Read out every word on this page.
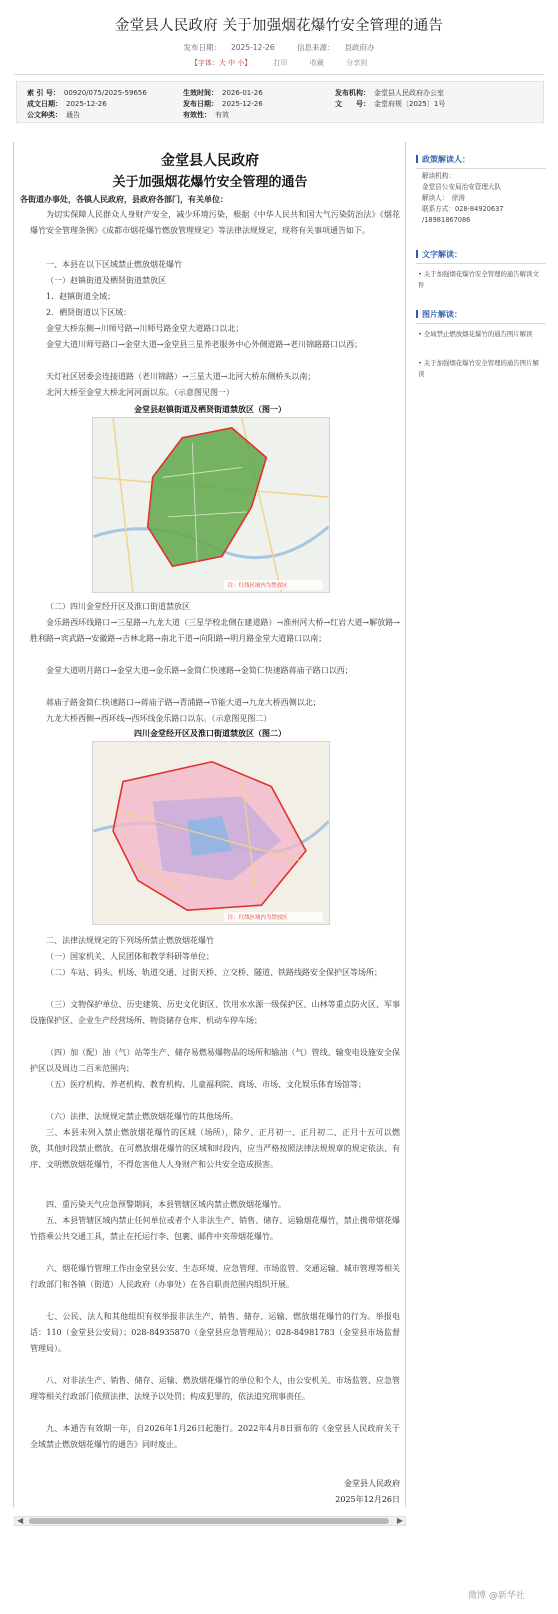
金堂县人民政府 关于加强烟花爆竹安全管理的通告
发布日期： 2025-12-26	信息来源： 县政府办
【字体：大 中 小】	打印	收藏	分享到
索 引 号： 00920/075/2025-59656	生效时间： 2026-01-26	发布机构： 金堂县人民政府办公室
成文日期： 2025-12-26	发布日期： 2025-12-26	文　　号： 金堂府规〔2025〕1号
公文种类： 通告	有效性： 有效
金堂县人民政府
关于加强烟花爆竹安全管理的通告
各街道办事处，各镇人民政府，县政府各部门，有关单位：
为切实保障人民群众人身财产安全，减少环境污染，根据《中华人民共和国大气污染防治法》《烟花爆竹安全管理条例》《成都市烟花爆竹燃放管理规定》等法律法规规定，现将有关事项通告如下。
一、本县在以下区域禁止燃放烟花爆竹
（一）赵镇街道及栖贤街道禁放区
1．赵镇街道全域；
2．栖贤街道以下区域：
金堂大桥东侧→川师号路→川师号路金堂大道路口以北；
金堂大道川师号路口→金堂大道→金堂县三星养老服务中心外侧道路→老川锦路路口以西；
天灯社区居委会连接道路（老川锦路）→三星大道→北河大桥东侧桥头以南；
北河大桥至金堂大桥北河河面以东。（示意图见图一）
金堂县赵镇街道及栖贤街道禁放区（图一）
注：红线区域内为禁放区
（二）四川金堂经开区及淮口街道禁放区
金乐路西环线路口→三星路→九龙大道（三星学校北侧在建道路）→淮州河大桥→红岩大道→解放路→胜利路→宾武路→安徽路→吉林北路→南北干道→向阳路→明月路金堂大道路口以南；
金堂大道明月路口→金堂大道→金乐路→金简仁快速路→金简仁快速路蒋庙子路口以西；
蒋庙子路金简仁快速路口→蒋庙子路→青浦路→节能大道→九龙大桥西侧以北；
九龙大桥西侧→西环线→西环线金乐路口以东。（示意图见图二）
四川金堂经开区及淮口街道禁放区（图二）
注：红线区域内为禁放区
二、法律法规规定的下列场所禁止燃放烟花爆竹
（一）国家机关、人民团体和教学科研等单位；
（二）车站、码头、机场、轨道交通、过街天桥、立交桥、隧道、铁路线路安全保护区等场所；
（三）文物保护单位、历史建筑、历史文化街区、饮用水水源一级保护区、山林等重点防火区、军事设施保护区、企业生产经营场所、物资储存仓库、机动车停车场；
（四）加（配）油（气）站等生产、储存易燃易爆物品的场所和输油（气）管线、输变电设施安全保护区以及周边二百米范围内；
（五）医疗机构、养老机构、教育机构、儿童福利院、商场、市场、文化娱乐体育场馆等；
（六）法律、法规规定禁止燃放烟花爆竹的其他场所。
三、本县未列入禁止燃放烟花爆竹的区域（场所），除夕、正月初一、正月初二、正月十五可以燃放，其他时段禁止燃放。在可燃放烟花爆竹的区域和时段内，应当严格按照法律法规规章的规定依法、有序、文明燃放烟花爆竹，不得危害他人人身财产和公共安全造成损害。
四、重污染天气应急预警期间，本县管辖区域内禁止燃放烟花爆竹。
五、本县管辖区域内禁止任何单位或者个人非法生产、销售、储存、运输烟花爆竹，禁止携带烟花爆竹搭乘公共交通工具，禁止在托运行李、包裹、邮件中夹带烟花爆竹。
六、烟花爆竹管理工作由金堂县公安、生态环境、应急管理、市场监管、交通运输、城市管理等相关行政部门和各镇（街道）人民政府（办事处）在各自职责范围内组织开展。
七、公民、法人和其他组织有权举报非法生产、销售、储存、运输、燃放烟花爆竹的行为。举报电话：110（金堂县公安局）；028-84935870（金堂县应急管理局）；028-84981783（金堂县市场监督管理局）。
八、对非法生产、销售、储存、运输、燃放烟花爆竹的单位和个人，由公安机关、市场监管、应急管理等相关行政部门依照法律、法规予以处罚；构成犯罪的，依法追究刑事责任。
九、本通告有效期一年，自2026年1月26日起施行。2022年4月8日颁布的《金堂县人民政府关于全域禁止燃放烟花爆竹的通告》同时废止。
金堂县人民政府
2025年12月26日
政策解读人：
解读机构：
金堂县公安局治安管理大队
解读人：　徐涛
联系方式：028-84920637
/18981867086
文字解读：
• 关于加强烟花爆竹安全管理的通告解读文件
图片解读：
• 全域禁止燃放烟花爆竹的通告图片解读
• 关于加强烟花爆竹安全管理的通告图片解读
◀	▶
微博 @新华社
